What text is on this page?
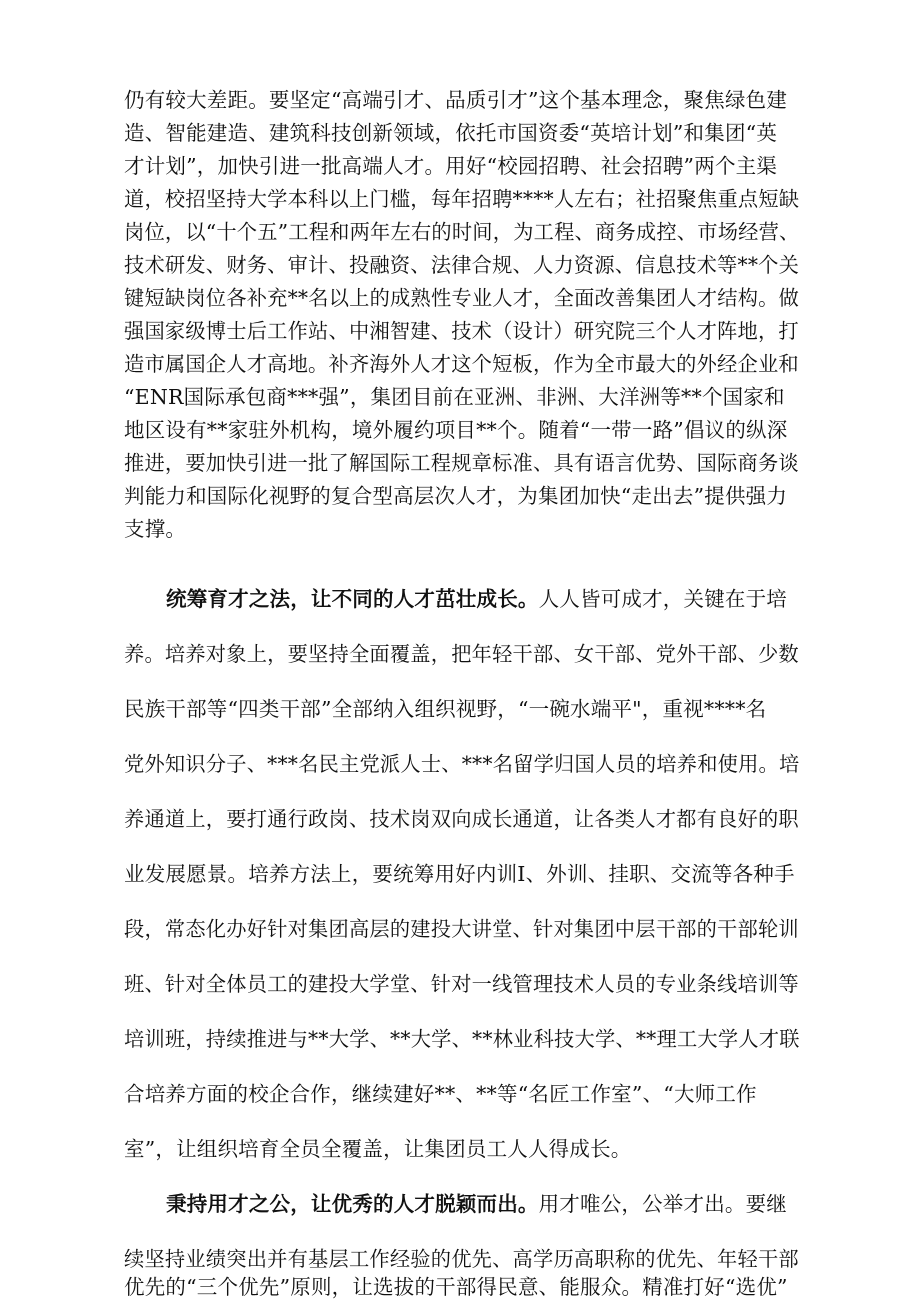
仍有较大差距。要坚定“高端引才、品质引才”这个基本理念，聚焦绿色建
造、智能建造、建筑科技创新领域，依托市国资委“英培计划”和集团“英
才计划”，加快引进一批高端人才。用好“校园招聘、社会招聘”两个主渠
道，校招坚持大学本科以上门槛，每年招聘****人左右；社招聚焦重点短缺
岗位，以“十个五”工程和两年左右的时间，为工程、商务成控、市场经营、
技术研发、财务、审计、投融资、法律合规、人力资源、信息技术等**个关
键短缺岗位各补充**名以上的成熟性专业人才，全面改善集团人才结构。做
强国家级博士后工作站、中湘智建、技术（设计）研究院三个人才阵地，打
造市属国企人才高地。补齐海外人才这个短板，作为全市最大的外经企业和
“ENR国际承包商***强”，集团目前在亚洲、非洲、大洋洲等**个国家和
地区设有**家驻外机构，境外履约项目**个。随着“一带一路”倡议的纵深
推进，要加快引进一批了解国际工程规章标准、具有语言优势、国际商务谈
判能力和国际化视野的复合型高层次人才，为集团加快“走出去”提供强力
支撑。
统筹育才之法，让不同的人才茁壮成长。人人皆可成才，关键在于培
养。培养对象上，要坚持全面覆盖，把年轻干部、女干部、党外干部、少数
民族干部等“四类干部”全部纳入组织视野，“一碗水端平"，重视****名
党外知识分子、***名民主党派人士、***名留学归国人员的培养和使用。培
养通道上，要打通行政岗、技术岗双向成长通道，让各类人才都有良好的职
业发展愿景。培养方法上，要统筹用好内训I、外训、挂职、交流等各种手
段，常态化办好针对集团高层的建投大讲堂、针对集团中层干部的干部轮训
班、针对全体员工的建投大学堂、针对一线管理技术人员的专业条线培训等
培训班，持续推进与**大学、**大学、**林业科技大学、**理工大学人才联
合培养方面的校企合作，继续建好**、**等“名匠工作室”、“大师工作
室”，让组织培育全员全覆盖，让集团员工人人得成长。
秉持用才之公，让优秀的人才脱颖而出。用才唯公，公举才出。要继
续坚持业绩突出并有基层工作经验的优先、高学历高职称的优先、年轻干部
优先的“三个优先”原则，让选拔的干部得民意、能服众。精准打好“选优”
